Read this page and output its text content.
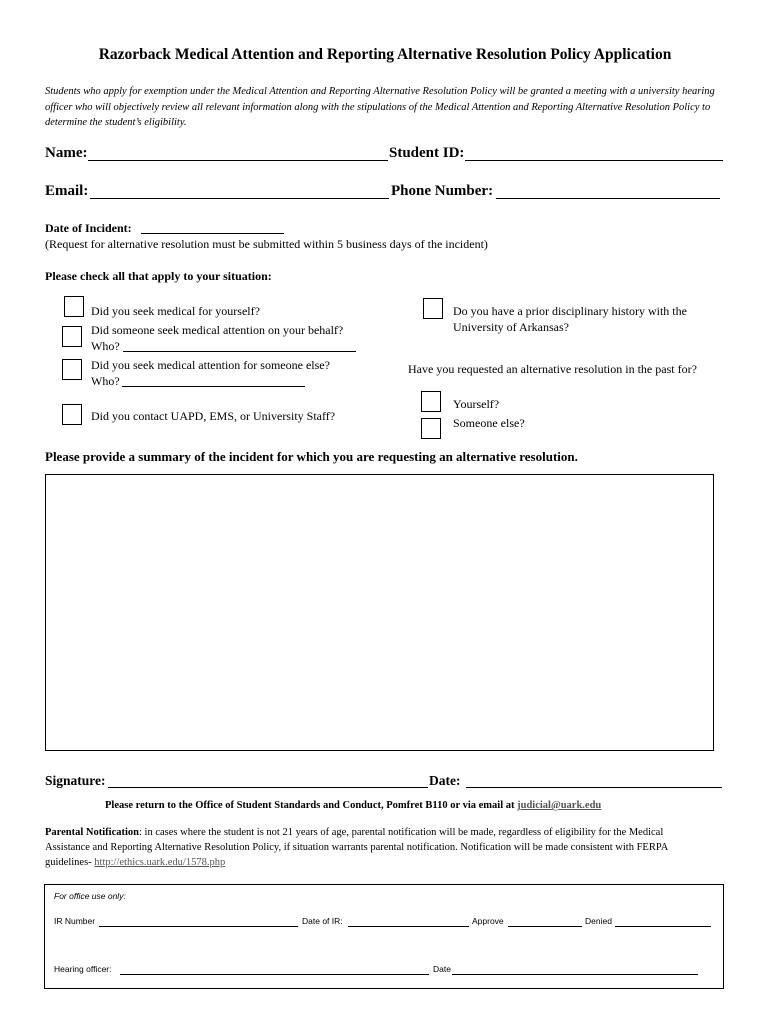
Razorback Medical Attention and Reporting Alternative Resolution Policy Application
Students who apply for exemption under the Medical Attention and Reporting Alternative Resolution Policy will be granted a meeting with a university hearing officer who will objectively review all relevant information along with the stipulations of the Medical Attention and Reporting Alternative Resolution Policy to determine the student’s eligibility.
Name:	Student ID:
Email:	Phone Number:
Date of Incident:
(Request for alternative resolution must be submitted within 5 business days of the incident)
Please check all that apply to your situation:
Did you seek medical for yourself?
Did someone seek medical attention on your behalf?
Who?
Did you seek medical attention for someone else?
Who?
Did you contact UAPD, EMS, or University Staff?
Do you have a prior disciplinary history with the
University of Arkansas?
Have you requested an alternative resolution in the past for?
Yourself?
Someone else?
Please provide a summary of the incident for which you are requesting an alternative resolution.
Signature:	Date:
Please return to the Office of Student Standards and Conduct, Pomfret B110 or via email at judicial@uark.edu
Parental Notification: in cases where the student is not 21 years of age, parental notification will be made, regardless of eligibility for the Medical
Assistance and Reporting Alternative Resolution Policy, if situation warrants parental notification. Notification will be made consistent with FERPA
guidelines- http://ethics.uark.edu/1578.php
For office use only:
IR Number	Date of IR:	Approve	Denied
Hearing officer:	Date
